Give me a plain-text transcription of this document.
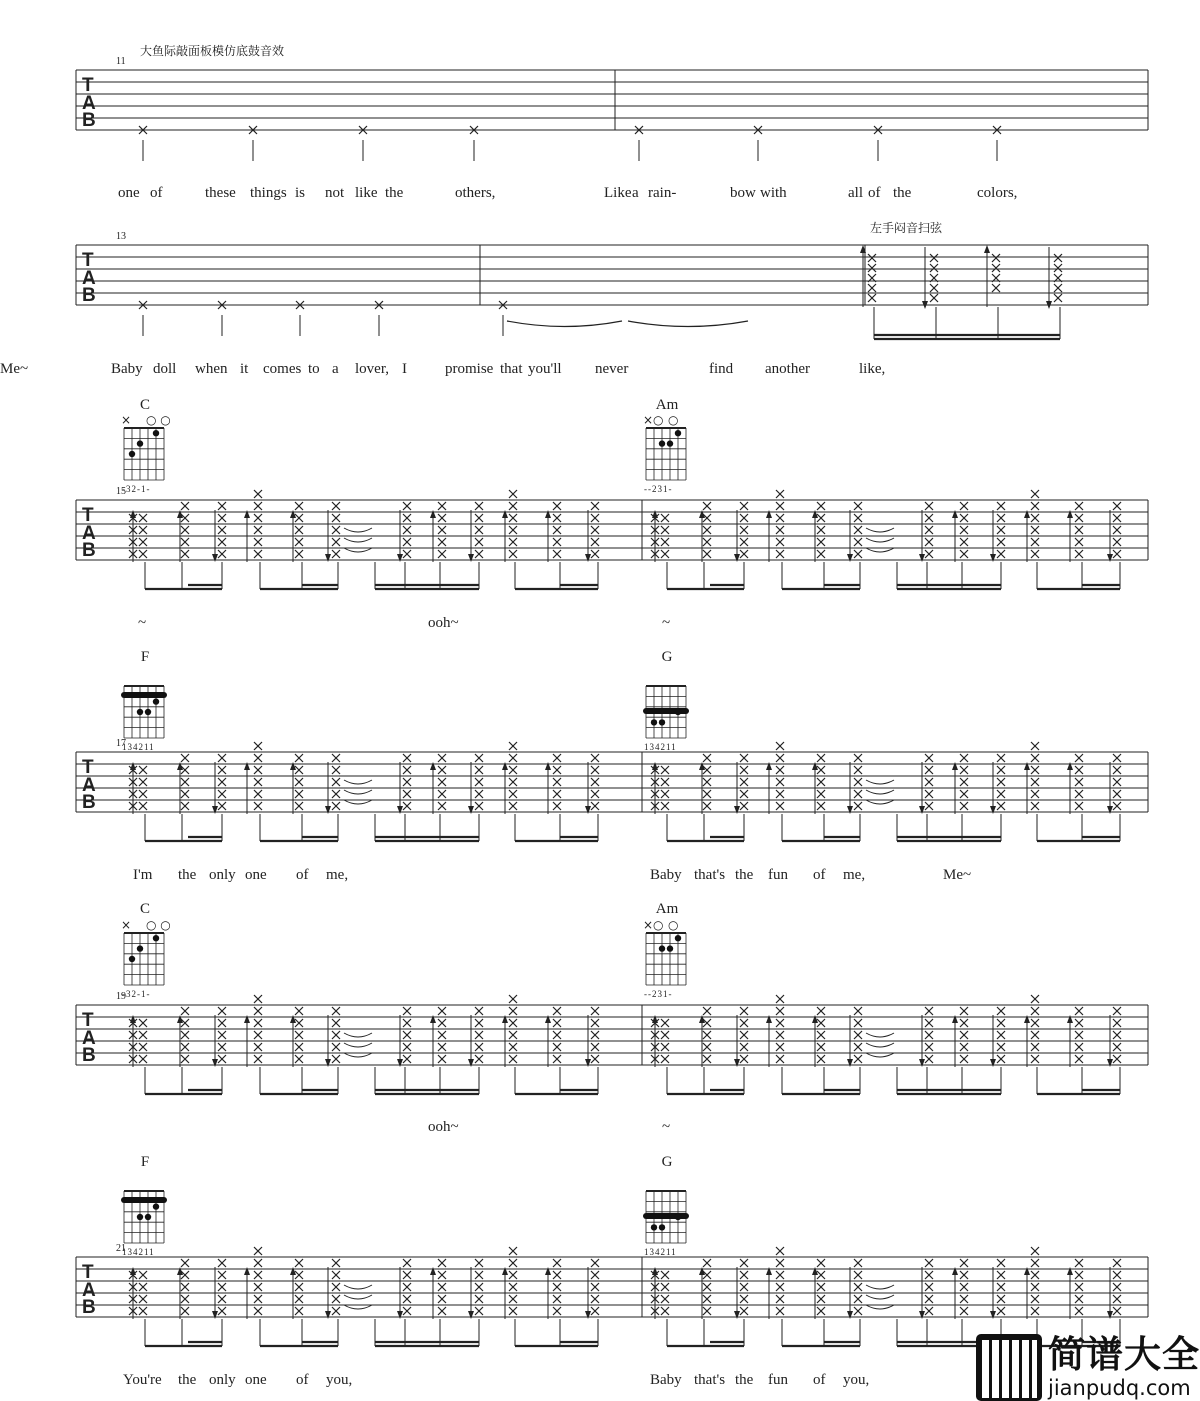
T
A
B
11
one of	these things is not like the	others,	Like a rain-	bow with	all of the	colors,
T
A
B
13
Baby doll when it comes to a lover, I	promise that you'll never	find another	like,
Me~
T
A
B
15
~	ooh~	~
C
× ○ ○
-32-1-
Am
×○ ○
--231-
T
A
B
17
I'm the only one of me,	Baby that's the fun of me,	Me~
F
134211
G
134211
T
A
B
19
ooh~	~
C
× ○ ○
-32-1-
Am
×○ ○
--231-
T
A
B
21
You're the only one of you,	Baby that's the fun of you,
F
134211
G
134211
大鱼际敲面板模仿底鼓音效
左手闷音扫弦
简谱大全
jianpudq.com
